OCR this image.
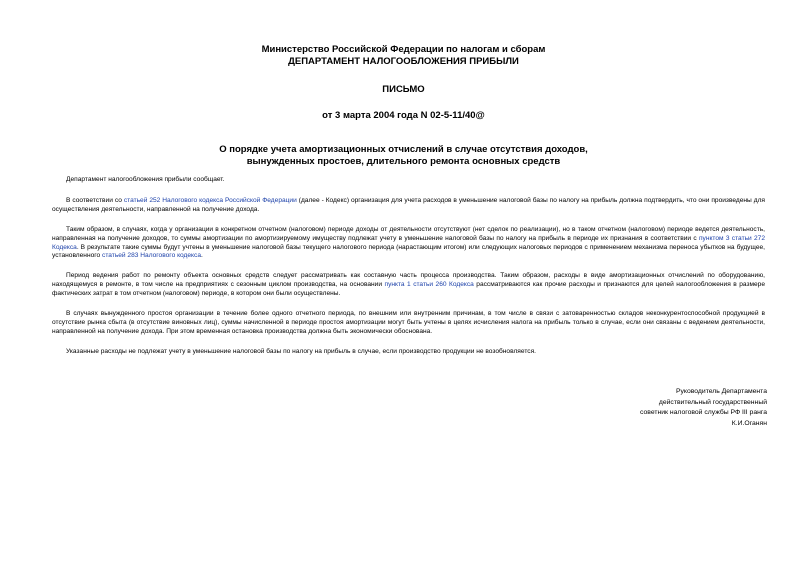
Министерство Российской Федерации по налогам и сборам
ДЕПАРТАМЕНТ НАЛОГООБЛОЖЕНИЯ ПРИБЫЛИ
ПИСЬМО
от 3 марта 2004 года N 02-5-11/40@
О порядке учета амортизационных отчислений в случае отсутствия доходов,
вынужденных простоев, длительного ремонта основных средств

Департамент налогообложения прибыли сообщает.

В соответствии со статьей 252 Налогового кодекса Российской Федерации (далее - Кодекс) организация для учета расходов в уменьшение налоговой базы по налогу на прибыль должна подтвердить, что они произведены для осуществления деятельности, направленной на получение дохода.

Таким образом, в случаях, когда у организации в конкретном отчетном (налоговом) периоде доходы от деятельности отсутствуют (нет сделок по реализации), но в таком отчетном (налоговом) периоде ведется деятельность, направленная на получение доходов, то суммы амортизации по амортизируемому имуществу подлежат учету в уменьшение налоговой базы по налогу на прибыль в периоде их признания в соответствии с пунктом 3 статьи 272 Кодекса. В результате такие суммы будут учтены в уменьшение налоговой базы текущего налогового периода (нарастающим итогом) или следующих налоговых периодов с применением механизма переноса убытков на будущее, установленного статьей 283 Налогового кодекса.

Период ведения работ по ремонту объекта основных средств следует рассматривать как составную часть процесса производства. Таким образом, расходы в виде амортизационных отчислений по оборудованию, находящемуся в ремонте, в том числе на предприятиях с сезонным циклом производства, на основании пункта 1 статьи 260 Кодекса рассматриваются как прочие расходы и признаются для целей налогообложения в размере фактических затрат в том отчетном (налоговом) периоде, в котором они были осуществлены.

В случаях вынужденного простоя организации в течение более одного отчетного периода, по внешним или внутренним причинам, в том числе в связи с затоваренностью складов неконкурентоспособной продукцией в отсутствие рынка сбыта (в отсутствие виновных лиц), суммы начисленной в периоде простоя амортизации могут быть учтены в целях исчисления налога на прибыль только в случае, если они связаны с ведением деятельности, направленной на получение дохода. При этом временная остановка производства должна быть экономически обоснована.

Указанные расходы не подлежат учету в уменьшение налоговой базы по налогу на прибыль в случае, если производство продукции не возобновляется.

Руководитель Департамента
действительный государственный
советник налоговой службы РФ III ранга
К.И.Оганян
